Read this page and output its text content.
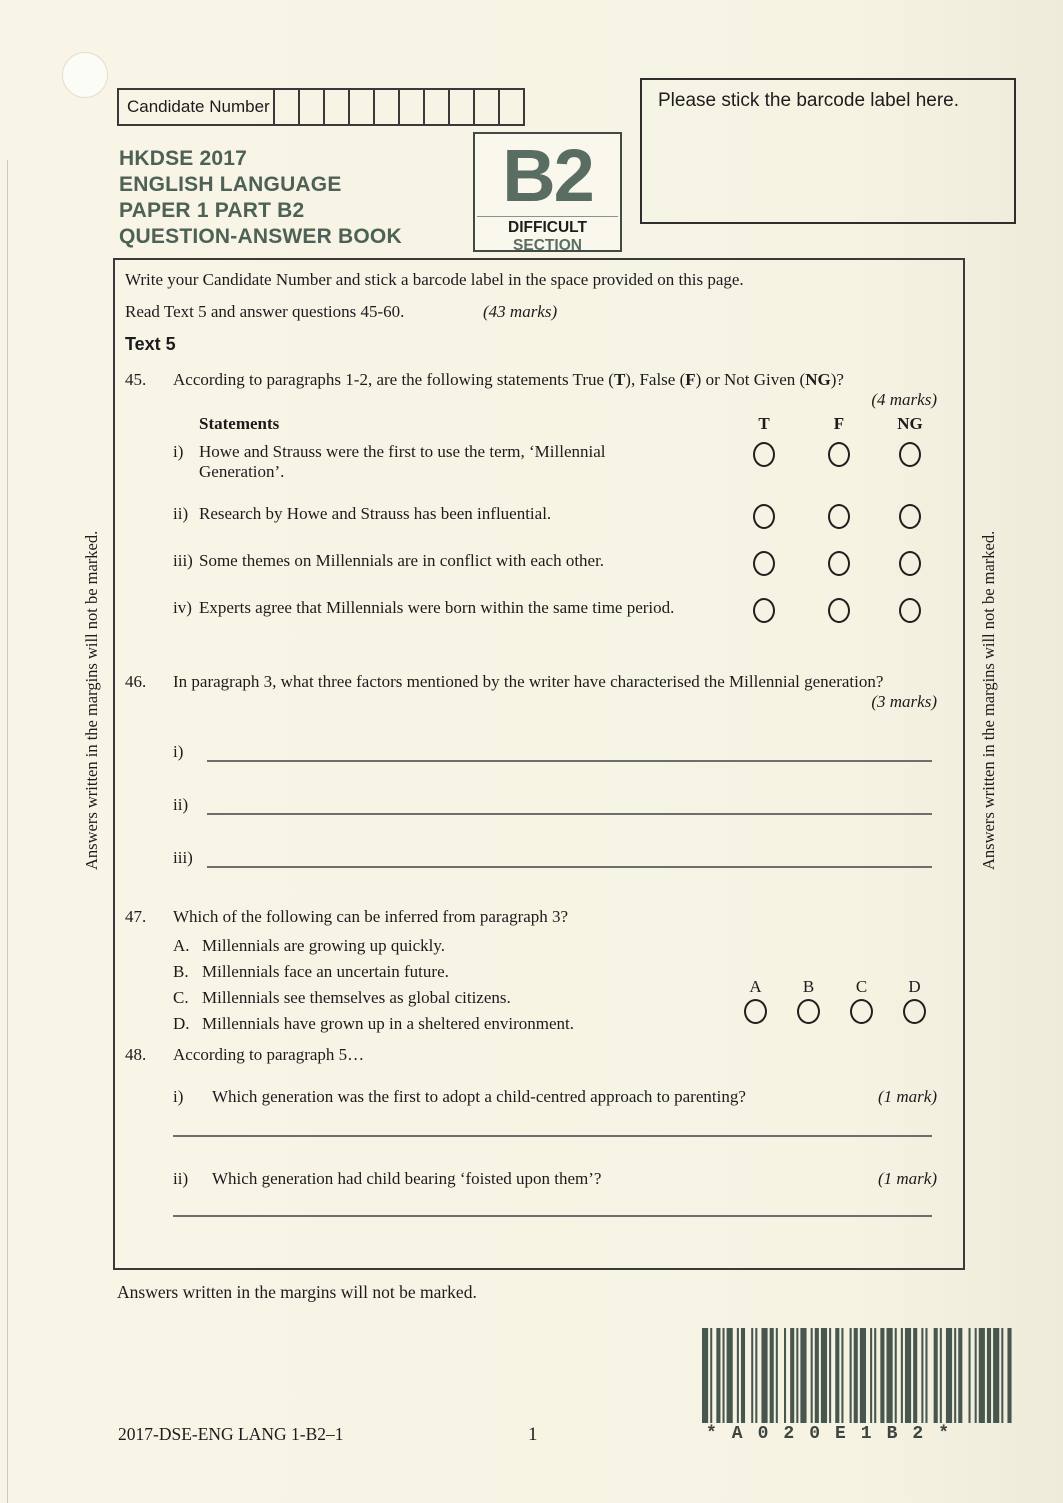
Candidate Number
HKDSE 2017
ENGLISH LANGUAGE
PAPER 1 PART B2
QUESTION-ANSWER BOOK
B2
DIFFICULT SECTION
Please stick the barcode label here.
Write your Candidate Number and stick a barcode label in the space provided on this page.
Read Text 5 and answer questions 45-60.	(43 marks)
Text 5
45.	According to paragraphs 1-2, are the following statements True (T), False (F) or Not Given (NG)?
(4 marks)
Statements	T	F	NG
i) Howe and Strauss were the first to use the term, ‘Millennial Generation’.
ii) Research by Howe and Strauss has been influential.
iii) Some themes on Millennials are in conflict with each other.
iv) Experts agree that Millennials were born within the same time period.
46.	In paragraph 3, what three factors mentioned by the writer have characterised the Millennial generation?
(3 marks)
i)
ii)
iii)
47.	Which of the following can be inferred from paragraph 3?
A. Millennials are growing up quickly.
B. Millennials face an uncertain future.
C. Millennials see themselves as global citizens.
D. Millennials have grown up in a sheltered environment.
A	B	C	D
48.	According to paragraph 5…
i)	Which generation was the first to adopt a child-centred approach to parenting?	(1 mark)
ii)	Which generation had child bearing ‘foisted upon them’?	(1 mark)
Answers written in the margins will not be marked.
Answers written in the margins will not be marked.	Answers written in the margins will not be marked.
2017-DSE-ENG LANG 1-B2–1	1	*A020E1B2*
